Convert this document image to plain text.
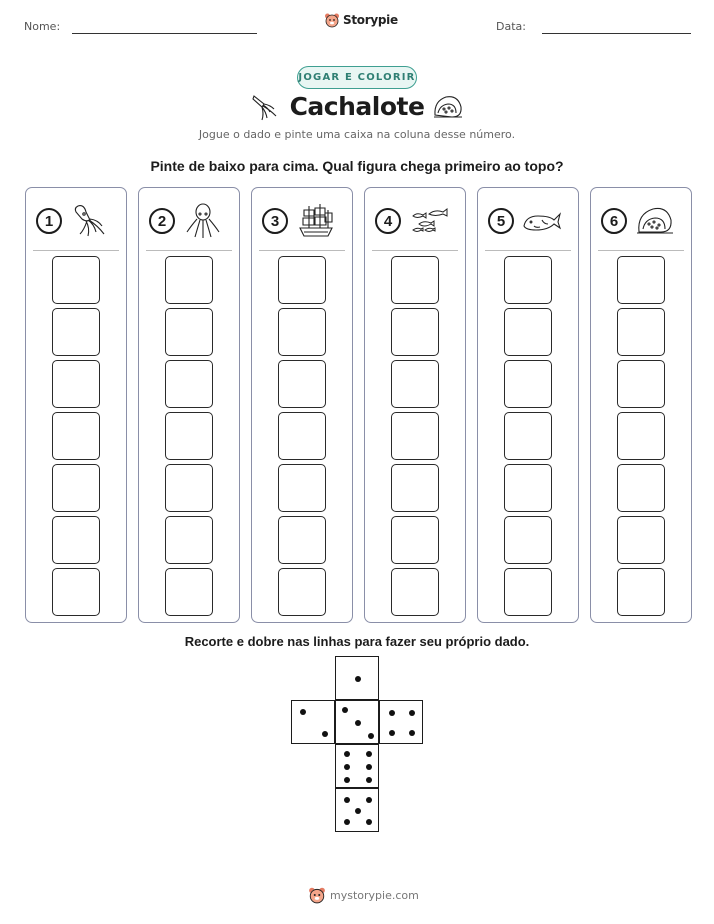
Nome:	Storypie	Data:
JOGAR E COLORIR
Cachalote
Jogue o dado e pinte uma caixa na coluna desse número.
Pinte de baixo para cima. Qual figura chega primeiro ao topo?
1	2	3	4	5	6
Recorte e dobre nas linhas para fazer seu próprio dado.
mystorypie.com
